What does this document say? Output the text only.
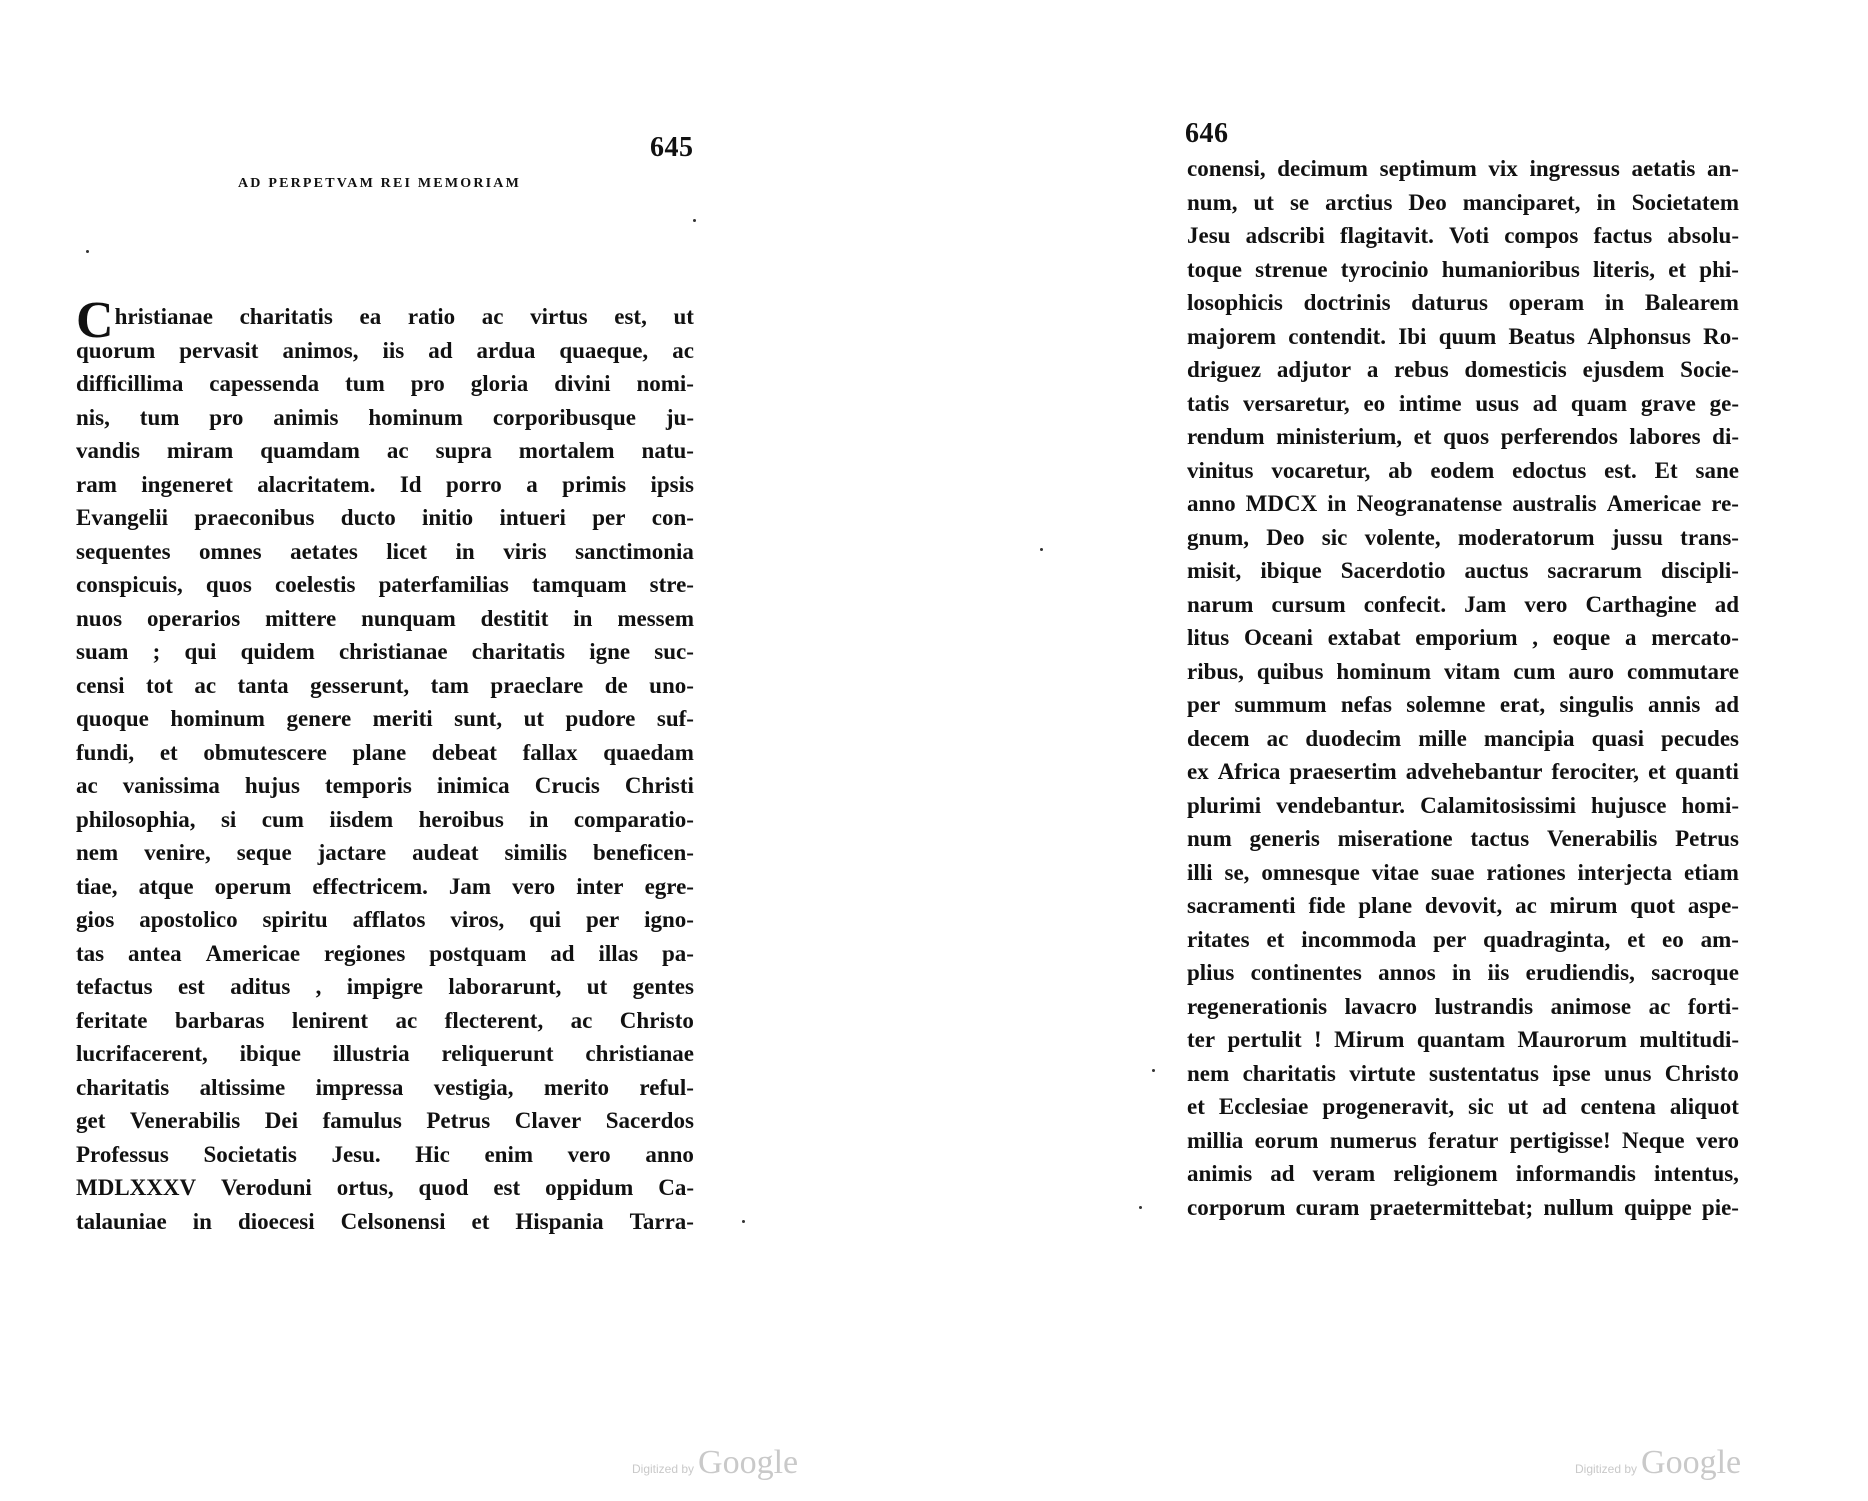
645
AD PERPETVAM REI MEMORIAM
Christianae charitatis ea ratio ac virtus est, ut
quorum pervasit animos, iis ad ardua quaeque, ac
difficillima capessenda tum pro gloria divini nomi-
nis, tum pro animis hominum corporibusque ju-
vandis miram quamdam ac supra mortalem natu-
ram ingeneret alacritatem. Id porro a primis ipsis
Evangelii praeconibus ducto initio intueri per con-
sequentes omnes aetates licet in viris sanctimonia
conspicuis, quos coelestis paterfamilias tamquam stre-
nuos operarios mittere nunquam destitit in messem
suam ; qui quidem christianae charitatis igne suc-
censi tot ac tanta gesserunt, tam praeclare de uno-
quoque hominum genere meriti sunt, ut pudore suf-
fundi, et obmutescere plane debeat fallax quaedam
ac vanissima hujus temporis inimica Crucis Christi
philosophia, si cum iisdem heroibus in comparatio-
nem venire, seque jactare audeat similis beneficen-
tiae, atque operum effectricem. Jam vero inter egre-
gios apostolico spiritu afflatos viros, qui per igno-
tas antea Americae regiones postquam ad illas pa-
tefactus est aditus , impigre laborarunt, ut gentes
feritate barbaras lenirent ac flecterent, ac Christo
lucrifacerent, ibique illustria reliquerunt christianae
charitatis altissime impressa vestigia, merito reful-
get Venerabilis Dei famulus Petrus Claver Sacerdos
Professus Societatis Jesu. Hic enim vero anno
MDLXXXV Veroduni ortus, quod est oppidum Ca-
talauniae in dioecesi Celsonensi et Hispania Tarra-
Digitized by Google
646
conensi, decimum septimum vix ingressus aetatis an-
num, ut se arctius Deo manciparet, in Societatem
Jesu adscribi flagitavit. Voti compos factus absolu-
toque strenue tyrocinio humanioribus literis, et phi-
losophicis doctrinis daturus operam in Balearem
majorem contendit. Ibi quum Beatus Alphonsus Ro-
driguez adjutor a rebus domesticis ejusdem Socie-
tatis versaretur, eo intime usus ad quam grave ge-
rendum ministerium, et quos perferendos labores di-
vinitus vocaretur, ab eodem edoctus est. Et sane
anno MDCX in Neogranatense australis Americae re-
gnum, Deo sic volente, moderatorum jussu trans-
misit, ibique Sacerdotio auctus sacrarum discipli-
narum cursum confecit. Jam vero Carthagine ad
litus Oceani extabat emporium , eoque a mercato-
ribus, quibus hominum vitam cum auro commutare
per summum nefas solemne erat, singulis annis ad
decem ac duodecim mille mancipia quasi pecudes
ex Africa praesertim advehebantur ferociter, et quanti
plurimi vendebantur. Calamitosissimi hujusce homi-
num generis miseratione tactus Venerabilis Petrus
illi se, omnesque vitae suae rationes interjecta etiam
sacramenti fide plane devovit, ac mirum quot aspe-
ritates et incommoda per quadraginta, et eo am-
plius continentes annos in iis erudiendis, sacroque
regenerationis lavacro lustrandis animose ac forti-
ter pertulit ! Mirum quantam Maurorum multitudi-
nem charitatis virtute sustentatus ipse unus Christo
et Ecclesiae progeneravit, sic ut ad centena aliquot
millia eorum numerus feratur pertigisse! Neque vero
animis ad veram religionem informandis intentus,
corporum curam praetermittebat; nullum quippe pie-
Digitized by Google
